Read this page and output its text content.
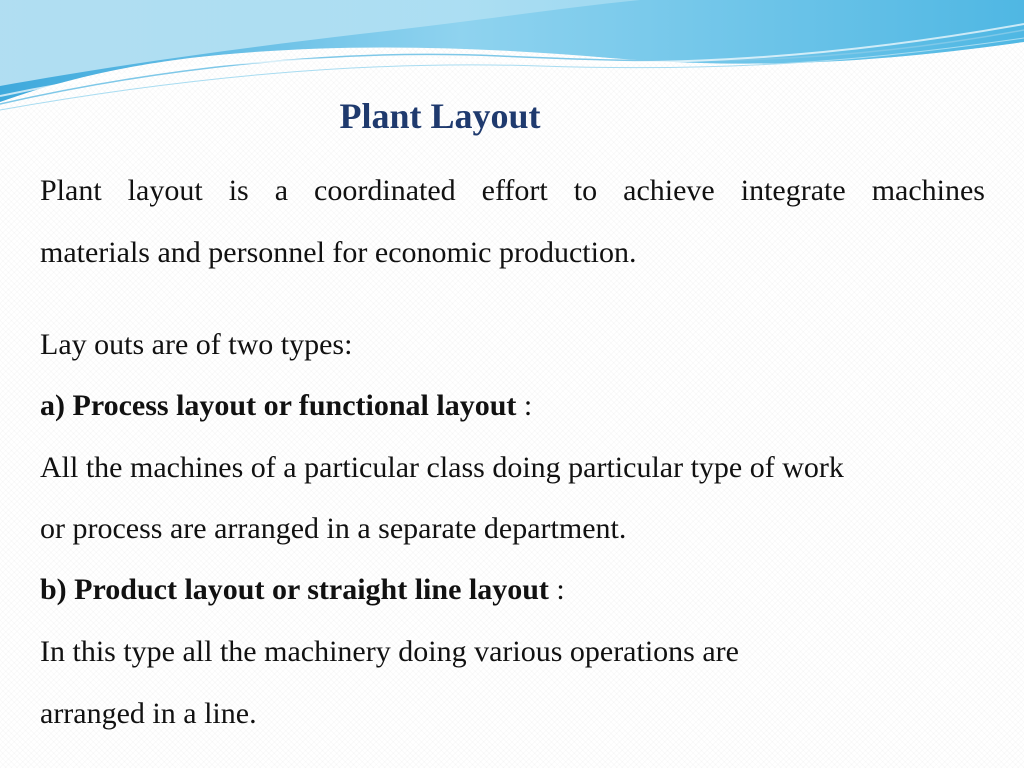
Plant Layout

Plant layout is a coordinated effort to achieve integrate machines

materials and personnel for economic production.

Lay outs are of two types:

a) Process layout or functional layout :

All the machines of a particular class doing particular type of work

or process are arranged in a separate department.

b) Product layout or straight line layout :

In this type all the machinery doing various operations are

arranged in a line.
